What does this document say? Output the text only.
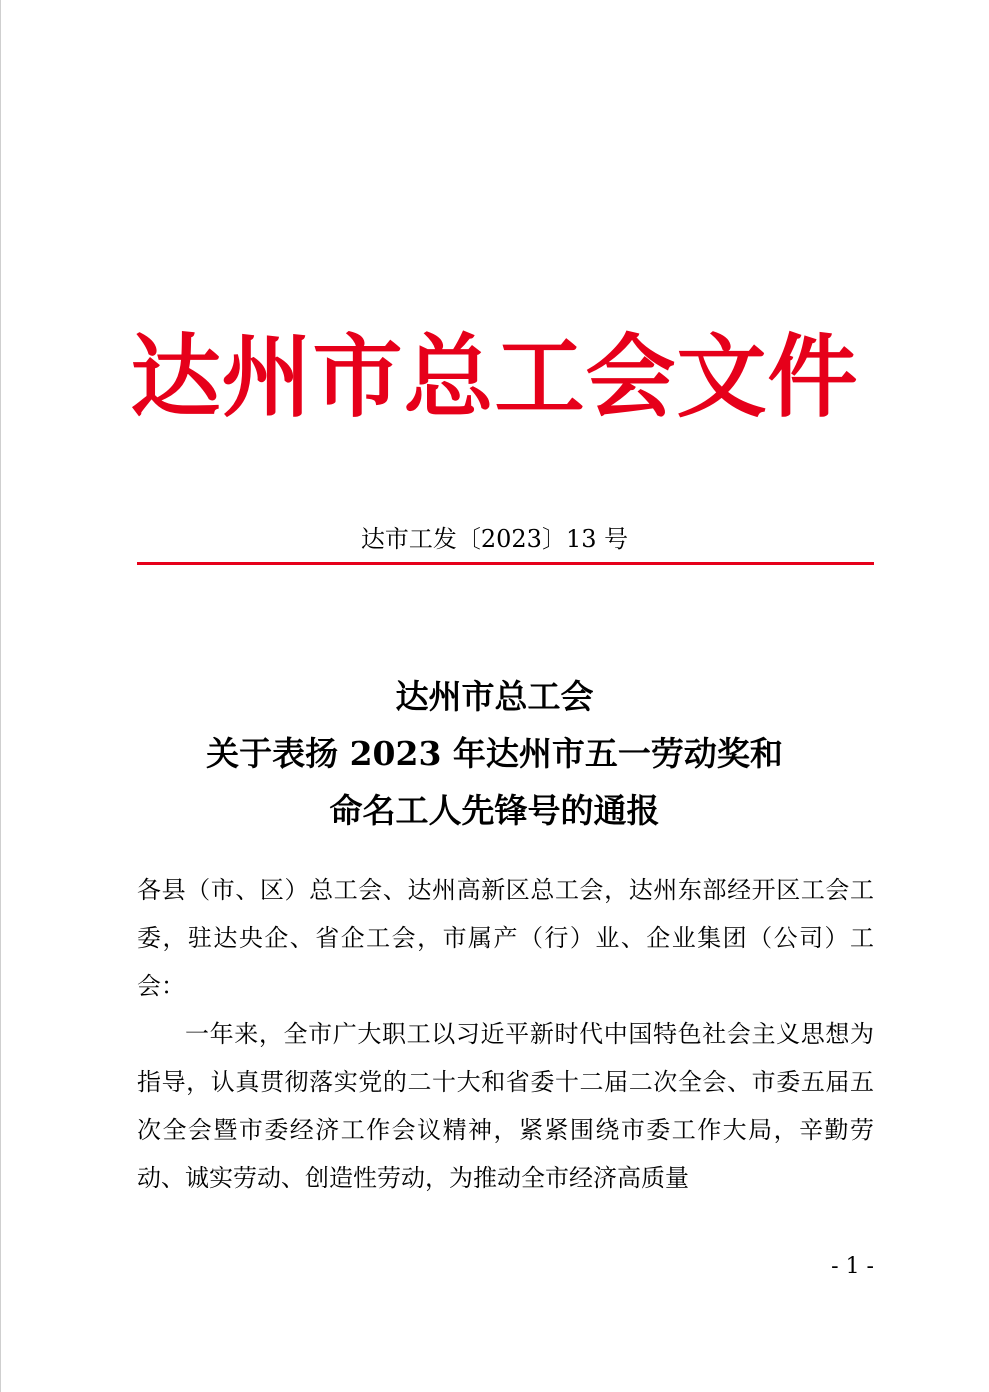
达州市总工会文件
达市工发〔2023〕13 号
达州市总工会
关于表扬 2023 年达州市五一劳动奖和
命名工人先锋号的通报

各县（市、区）总工会、达州高新区总工会，达州东部经开区工会工委，驻达央企、省企工会，市属产（行）业、企业集团（公司）工会：

一年来，全市广大职工以习近平新时代中国特色社会主义思想为指导，认真贯彻落实党的二十大和省委十二届二次全会、市委五届五次全会暨市委经济工作会议精神，紧紧围绕市委工作大局，辛勤劳动、诚实劳动、创造性劳动，为推动全市经济高质量

- 1 -
